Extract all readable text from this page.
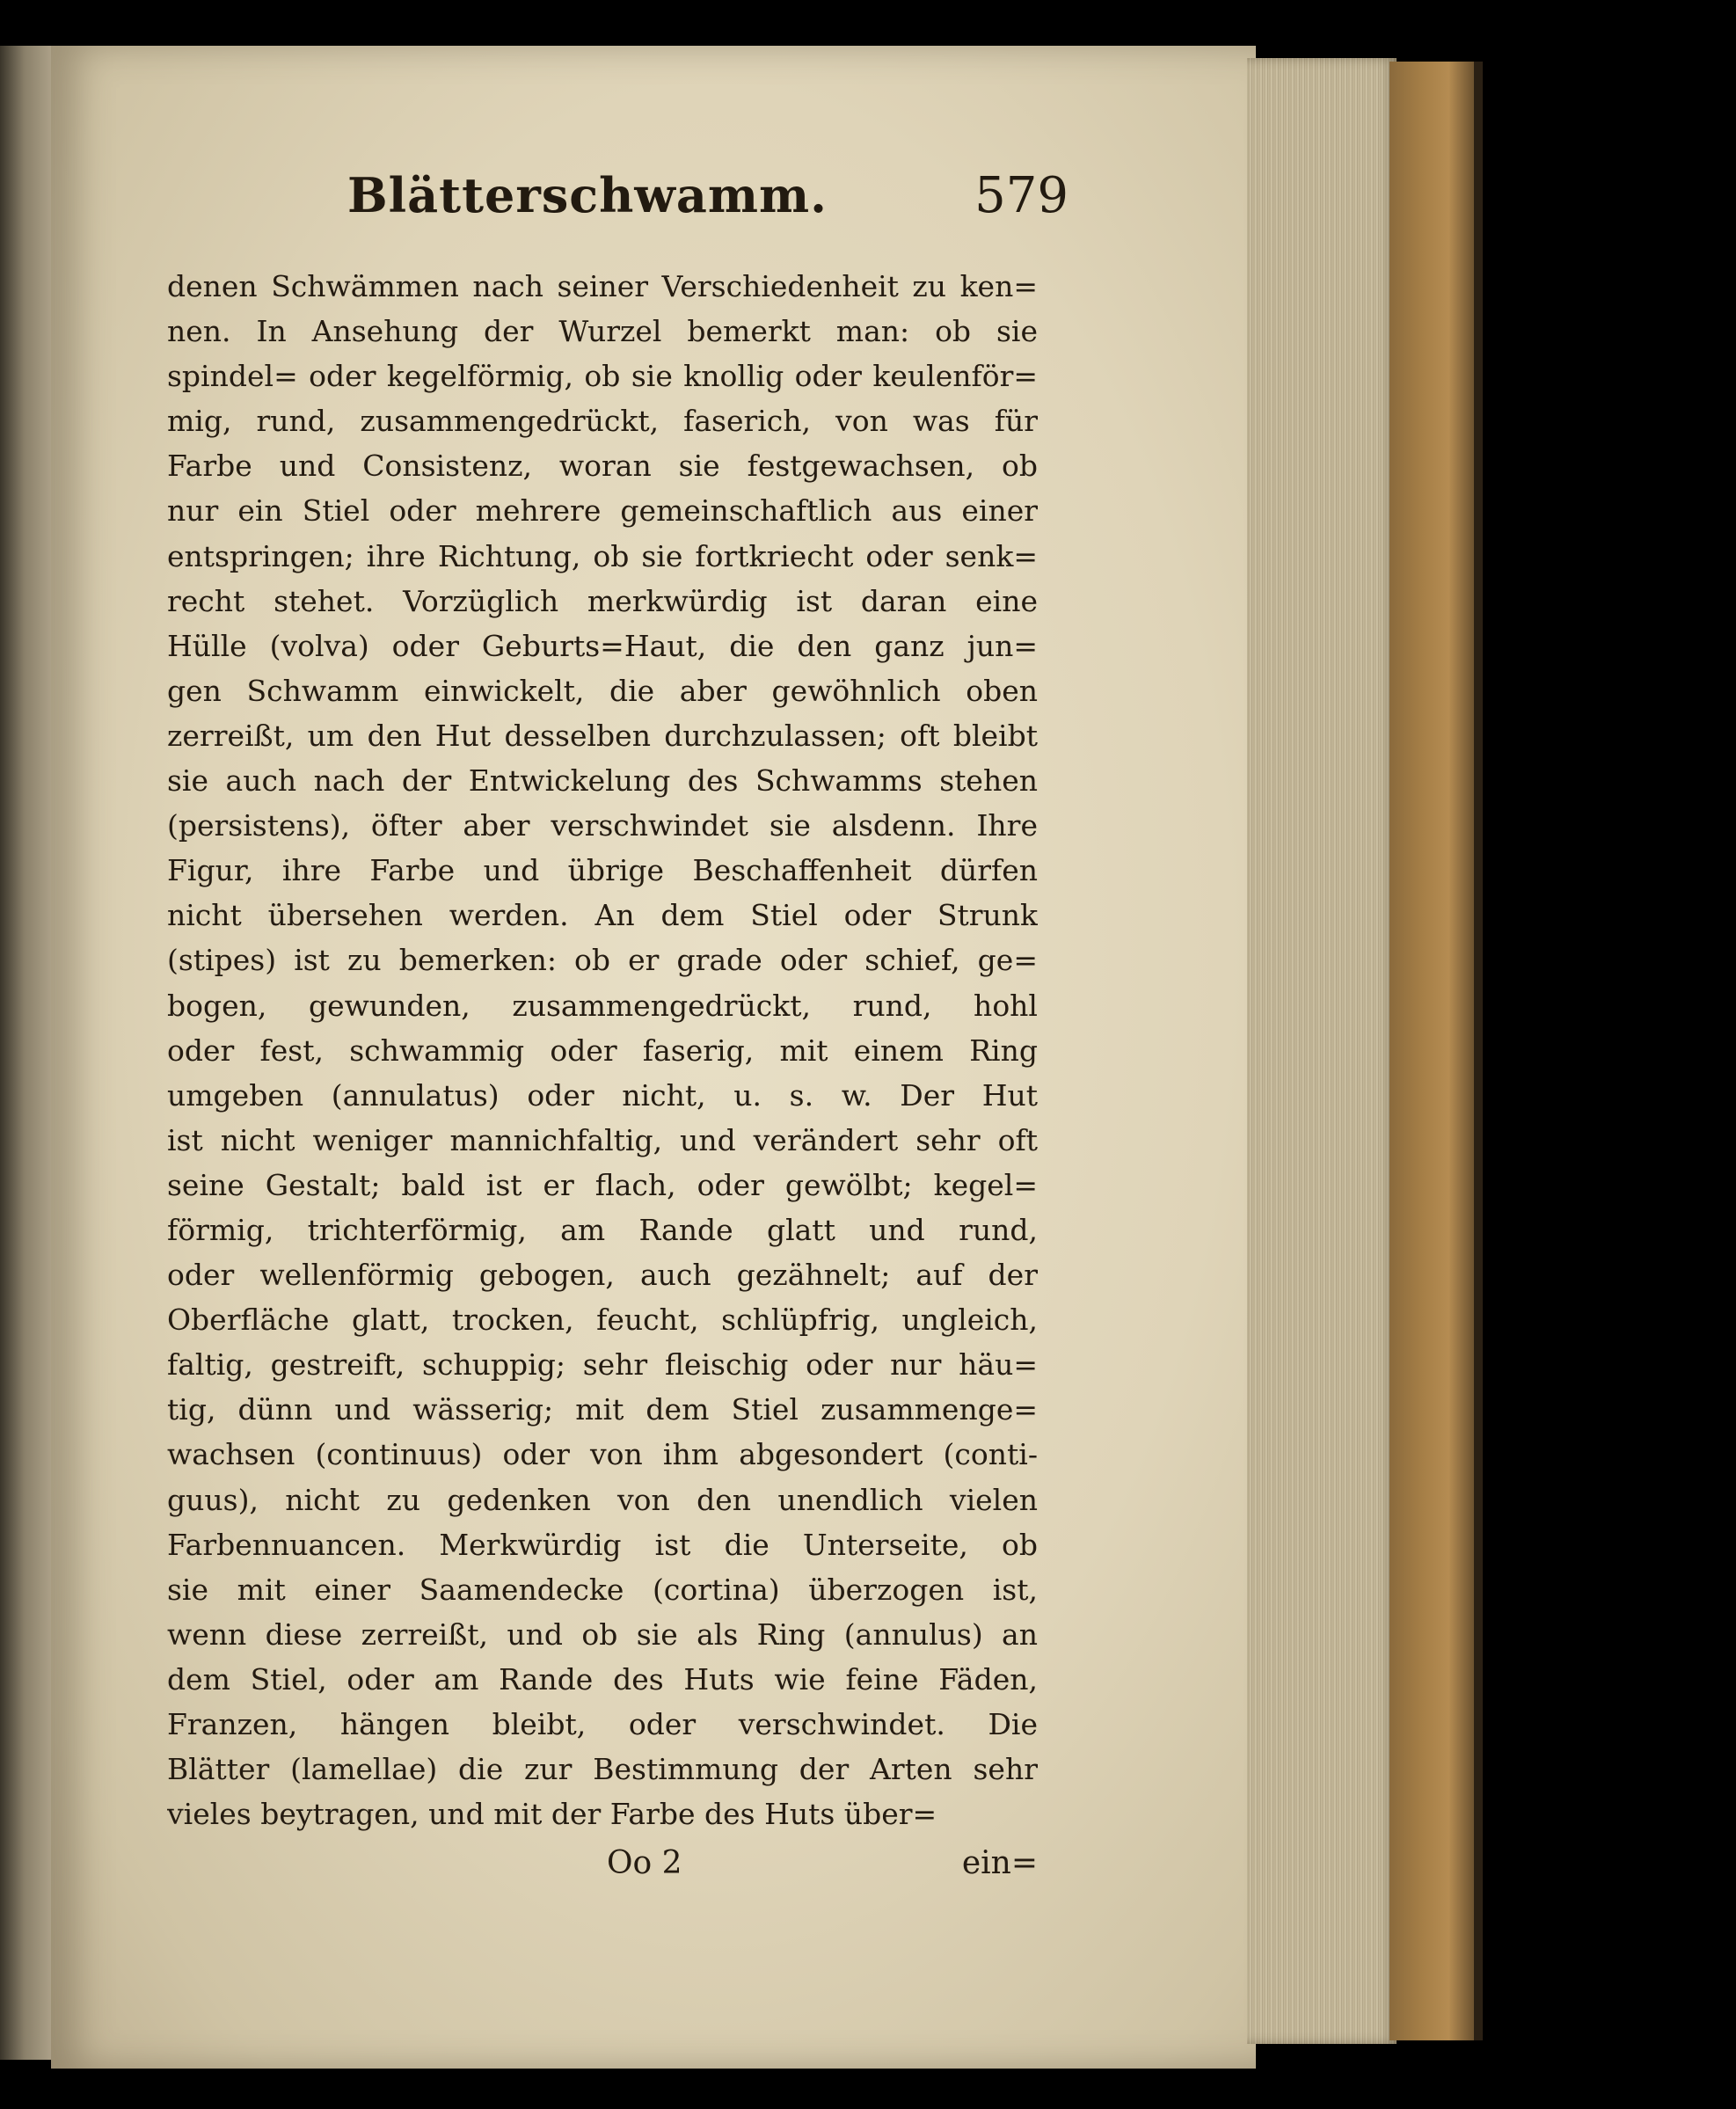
Blätterschwamm.	579
denen Schwämmen nach seiner Verschiedenheit zu ken=
nen. In Ansehung der Wurzel bemerkt man: ob sie
spindel= oder kegelförmig, ob sie knollig oder keulenför=
mig, rund, zusammengedrückt, faserich, von was für
Farbe und Consistenz, woran sie festgewachsen, ob
nur ein Stiel oder mehrere gemeinschaftlich aus einer
entspringen; ihre Richtung, ob sie fortkriecht oder senk=
recht stehet. Vorzüglich merkwürdig ist daran eine
Hülle (volva) oder Geburts=Haut, die den ganz jun=
gen Schwamm einwickelt, die aber gewöhnlich oben
zerreißt, um den Hut desselben durchzulassen; oft bleibt
sie auch nach der Entwickelung des Schwamms stehen
(persistens), öfter aber verschwindet sie alsdenn. Ihre
Figur, ihre Farbe und übrige Beschaffenheit dürfen
nicht übersehen werden. An dem Stiel oder Strunk
(stipes) ist zu bemerken: ob er grade oder schief, ge=
bogen, gewunden, zusammengedrückt, rund, hohl
oder fest, schwammig oder faserig, mit einem Ring
umgeben (annulatus) oder nicht, u. s. w. Der Hut
ist nicht weniger mannichfaltig, und verändert sehr oft
seine Gestalt; bald ist er flach, oder gewölbt; kegel=
förmig, trichterförmig, am Rande glatt und rund,
oder wellenförmig gebogen, auch gezähnelt; auf der
Oberfläche glatt, trocken, feucht, schlüpfrig, ungleich,
faltig, gestreift, schuppig; sehr fleischig oder nur häu=
tig, dünn und wässerig; mit dem Stiel zusammenge=
wachsen (continuus) oder von ihm abgesondert (conti-
guus), nicht zu gedenken von den unendlich vielen
Farbennuancen. Merkwürdig ist die Unterseite, ob
sie mit einer Saamendecke (cortina) überzogen ist,
wenn diese zerreißt, und ob sie als Ring (annulus) an
dem Stiel, oder am Rande des Huts wie feine Fäden,
Franzen, hängen bleibt, oder verschwindet. Die
Blätter (lamellae) die zur Bestimmung der Arten sehr
vieles beytragen, und mit der Farbe des Huts über=
Oo 2	ein=
